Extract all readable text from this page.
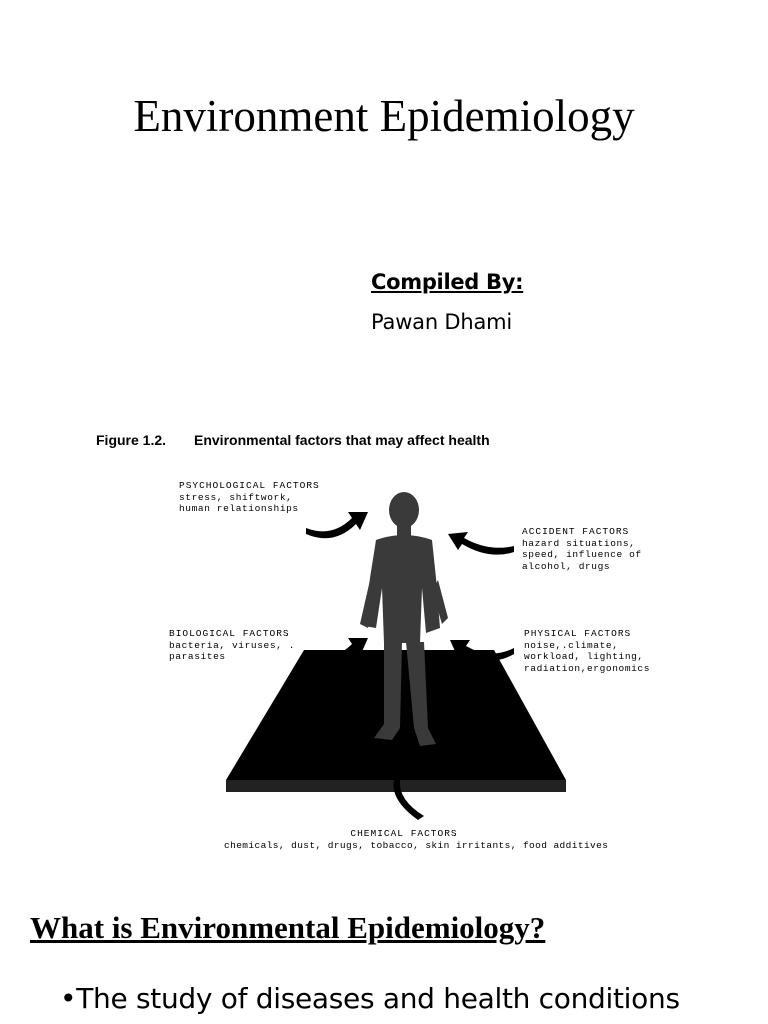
Environment Epidemiology
Compiled By:
Pawan Dhami
Figure 1.2. Environmental factors that may affect health
PSYCHOLOGICAL FACTORS
stress, shiftwork,
human relationships
ACCIDENT FACTORS
hazard situations,
speed, influence of
alcohol, drugs
BIOLOGICAL FACTORS
bacteria, viruses, .
parasites
PHYSICAL FACTORS
noise,.climate,
workload, lighting,
radiation,ergonomics
CHEMICAL FACTORS
chemicals, dust, drugs, tobacco, skin irritants, food additives
What is Environmental Epidemiology?
•The study of diseases and health conditions
